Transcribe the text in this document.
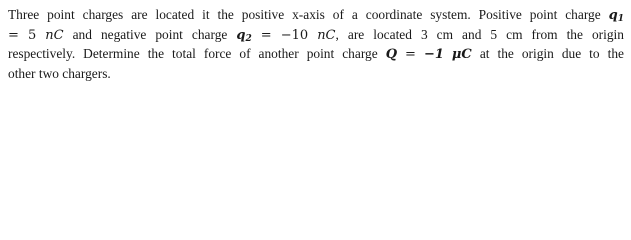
Three point charges are located it the positive x-axis of a coordinate system. Positive point charge $q_1$
= 5 nC and negative point charge $q_2 = -10$ nC, are located 3 cm and 5 cm from the origin
respectively. Determine the total force of another point charge Q = −1 μC at the origin due to the
other two chargers.
